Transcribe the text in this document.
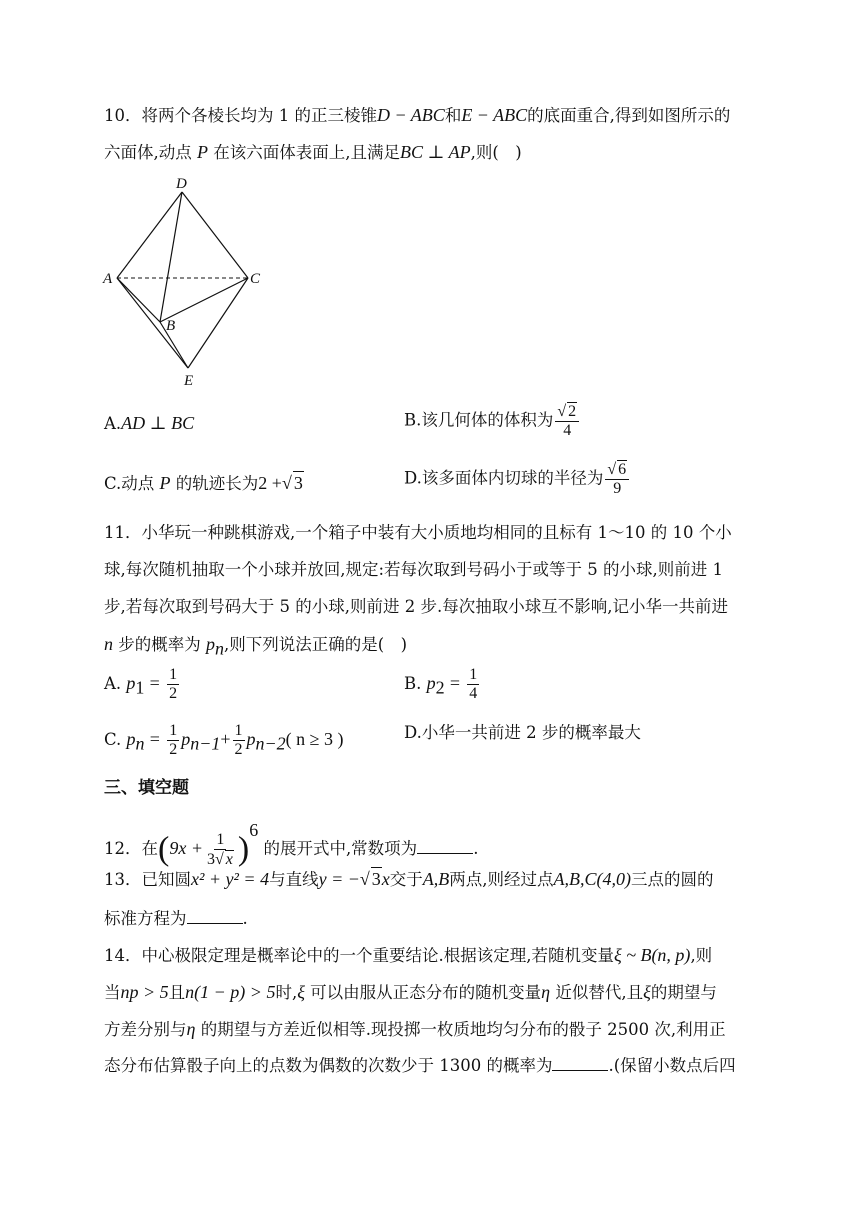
10．将两个各棱长均为 1 的正三棱锥D − ABC和E − ABC的底面重合,得到如图所示的
六面体,动点 P 在该六面体表面上,且满足BC ⊥ AP,则(　)
D
A	C
B
E
A.AD ⊥ BC	B.该几何体的体积为 $\frac{√ 2}{4}$
C.动点 P 的轨迹长为2 +√ 3	D.该多面体内切球的半径为 $\frac{√ 6}{9}$
11．小华玩一种跳棋游戏,一个箱子中装有大小质地均相同的且标有 1～10 的 10 个小
球,每次随机抽取一个小球并放回,规定:若每次取到号码小于或等于 5 的小球,则前进 1
步,若每次取到号码大于 5 的小球,则前进 2 步.每次抽取小球互不影响,记小华一共前进
n 步的概率为 $p_n$,则下列说法正确的是(　)
A. $p_1 = \frac{1}{2}$	B. $p_2 = \frac{1}{4}$
C. $p_n = \frac{1}{2} p_{n-1}+ \frac{1}{2} p_{n-2}$( n ≥ 3 )	D.小华一共前进 2 步的概率最大
三、填空题
12．在$(9x + \frac{1}{3√ x} )^6$ 的展开式中,常数项为	.
13．已知圆x² + y² = 4与直线y = −√ 3x交于A,B两点,则经过点A,B,C(4,0)三点的圆的
标准方程为	.
14．中心极限定理是概率论中的一个重要结论.根据该定理,若随机变量ξ ~ B(n, p),则
当np > 5且n(1 − p) > 5时,ξ 可以由服从正态分布的随机变量η 近似替代,且ξ的期望与
方差分别与η 的期望与方差近似相等.现投掷一枚质地均匀分布的骰子 2500 次,利用正
态分布估算骰子向上的点数为偶数的次数少于 1300 的概率为	.(保留小数点后四
